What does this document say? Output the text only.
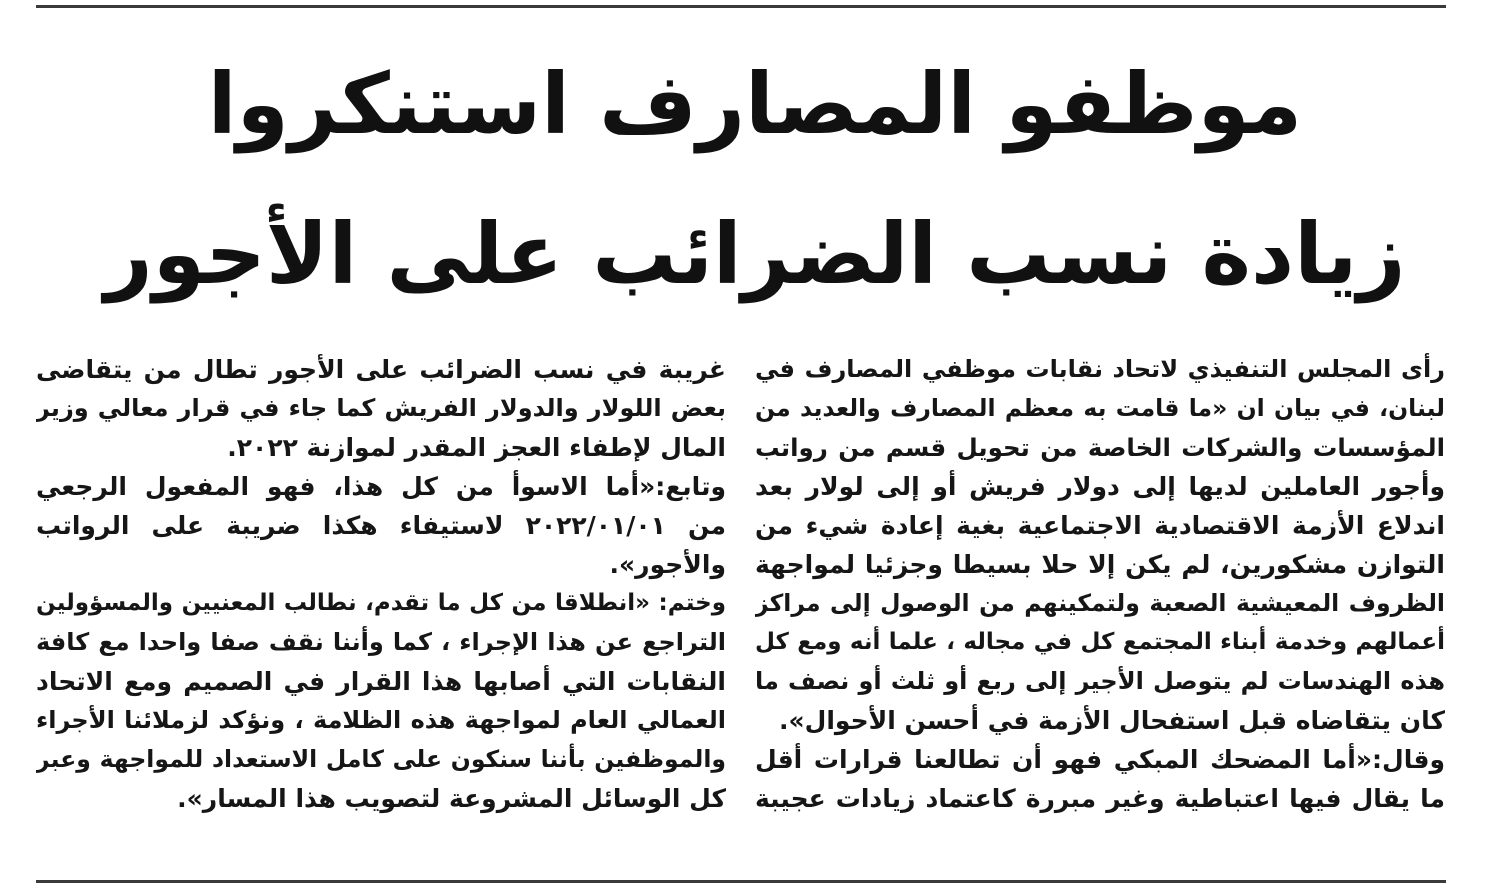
موظفو المصارف استنكروا
زيادة نسب الضرائب على الأجور
رأى المجلس التنفيذي لاتحاد نقابات موظفي المصارف في
لبنان، في بيان ان «ما قامت به معظم المصارف والعديد من
المؤسسات والشركات الخاصة من تحويل قسم من رواتب
وأجور العاملين لديها إلى دولار فريش أو إلى لولار بعد
اندلاع الأزمة الاقتصادية الاجتماعية بغية إعادة شيء من
التوازن مشكورين، لم يكن إلا حلا بسيطا وجزئيا لمواجهة
الظروف المعيشية الصعبة ولتمكينهم من الوصول إلى مراكز
أعمالهم وخدمة أبناء المجتمع كل في مجاله ، علما أنه ومع كل
هذه الهندسات لم يتوصل الأجير إلى ربع أو ثلث أو نصف ما
كان يتقاضاه قبل استفحال الأزمة في أحسن الأحوال».
وقال:«أما المضحك المبكي فهو أن تطالعنا قرارات أقل
ما يقال فيها اعتباطية وغير مبررة كاعتماد زيادات عجيبة
غريبة في نسب الضرائب على الأجور تطال من يتقاضى
بعض اللولار والدولار الفريش كما جاء في قرار معالي وزير
المال لإطفاء العجز المقدر لموازنة ٢٠٢٢.
وتابع:«أما الاسوأ من كل هذا، فهو المفعول الرجعي
من ٢٠٢٢/٠١/٠١ لاستيفاء هكذا ضريبة على الرواتب
والأجور».
وختم: «انطلاقا من كل ما تقدم، نطالب المعنيين والمسؤولين
التراجع عن هذا الإجراء ، كما وأننا نقف صفا واحدا مع كافة
النقابات التي أصابها هذا القرار في الصميم ومع الاتحاد
العمالي العام لمواجهة هذه الظلامة ، ونؤكد لزملائنا الأجراء
والموظفين بأننا سنكون على كامل الاستعداد للمواجهة وعبر
كل الوسائل المشروعة لتصويب هذا المسار».
